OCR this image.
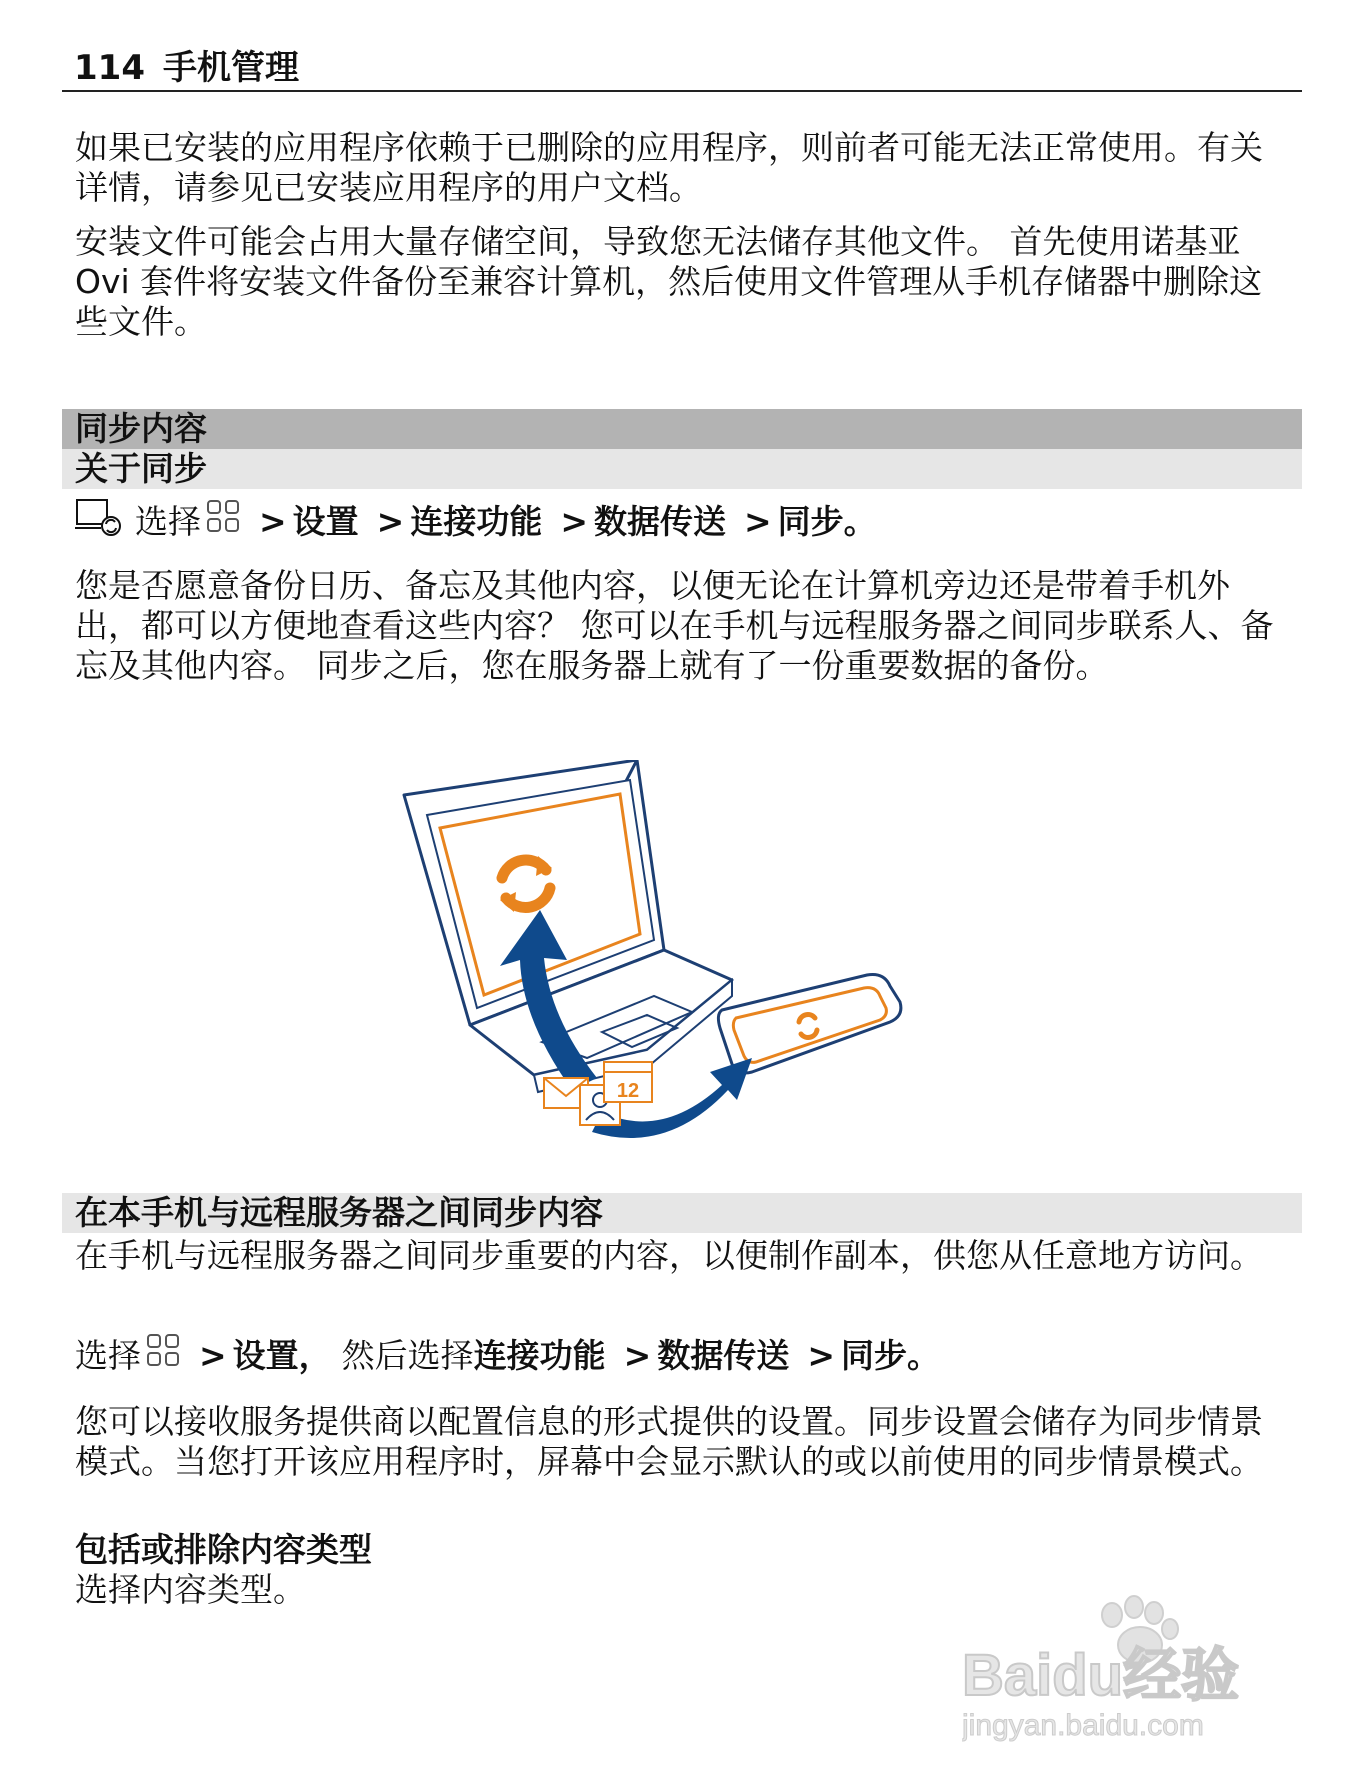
114 手机管理

如果已安装的应用程序依赖于已删除的应用程序，则前者可能无法正常使用。有关详情，请参见已安装应用程序的用户文档。

安装文件可能会占用大量存储空间，导致您无法储存其他文件。 首先使用诺基亚 Ovi 套件将安装文件备份至兼容计算机，然后使用文件管理从手机存储器中删除这些文件。

同步内容
关于同步
选择 > 设置 > 连接功能 > 数据传送 > 同步。

您是否愿意备份日历、备忘及其他内容，以便无论在计算机旁边还是带着手机外出，都可以方便地查看这些内容？ 您可以在手机与远程服务器之间同步联系人、备忘及其他内容。 同步之后，您在服务器上就有了一份重要数据的备份。

12
在本手机与远程服务器之间同步内容

在手机与远程服务器之间同步重要的内容，以便制作副本，供您从任意地方访问。

选择 > 设置， 然后选择 连接功能 > 数据传送 > 同步。

您可以接收服务提供商以配置信息的形式提供的设置。同步设置会储存为同步情景模式。当您打开该应用程序时，屏幕中会显示默认的或以前使用的同步情景模式。

包括或排除内容类型

选择内容类型。

Baidu经验
jingyan.baidu.com
